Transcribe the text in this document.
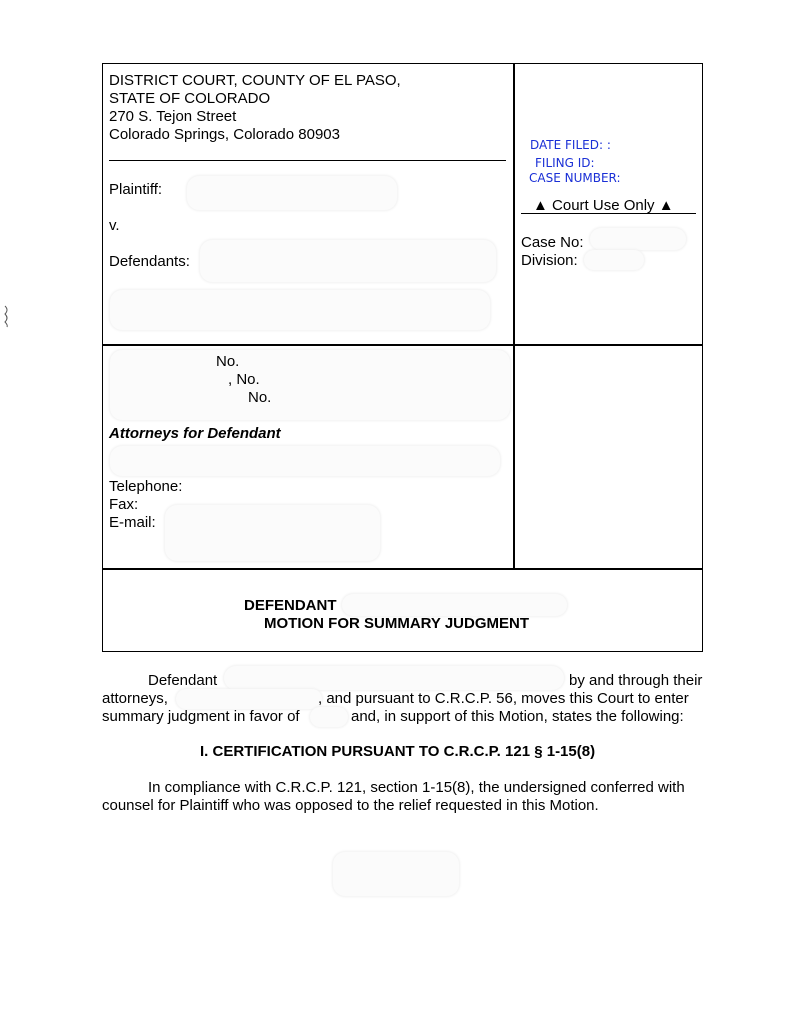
DISTRICT COURT, COUNTY OF EL PASO,
STATE OF COLORADO
270 S. Tejon Street
Colorado Springs, Colorado 80903
Plaintiff:
v.
Defendants:
DATE FILED: :
FILING ID:
CASE NUMBER:
▲ Court Use Only ▲
Case No:
Division:
No.
, No.
No.
Attorneys for Defendant
Telephone:
Fax:
E-mail:
DEFENDANT
MOTION FOR SUMMARY JUDGMENT
Defendant	by and through their
attorneys,	, and pursuant to C.R.C.P. 56, moves this Court to enter
summary judgment in favor of	and, in support of this Motion, states the following:
I. CERTIFICATION PURSUANT TO C.R.C.P. 121 § 1-15(8)
In compliance with C.R.C.P. 121, section 1-15(8), the undersigned conferred with
counsel for Plaintiff who was opposed to the relief requested in this Motion.
